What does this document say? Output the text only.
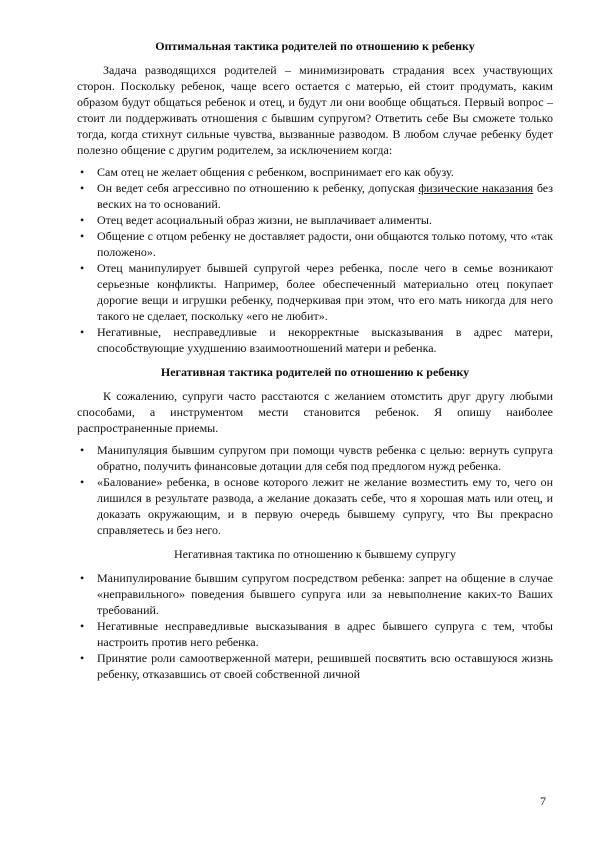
Оптимальная тактика родителей по отношению к ребенку

Задача разводящихся родителей – минимизировать страдания всех участвующих сторон. Поскольку ребенок, чаще всего остается с матерью, ей стоит продумать, каким образом будут общаться ребенок и отец, и будут ли они вообще общаться. Первый вопрос – стоит ли поддерживать отношения с бывшим супругом? Ответить себе Вы сможете только тогда, когда стихнут сильные чувства, вызванные разводом. В любом случае ребенку будет полезно общение с другим родителем, за исключением когда:

• Сам отец не желает общения с ребенком, воспринимает его как обузу.
• Он ведет себя агрессивно по отношению к ребенку, допуская физические наказания без веских на то оснований.
• Отец ведет асоциальный образ жизни, не выплачивает алименты.
• Общение с отцом ребенку не доставляет радости, они общаются только потому, что «так положено».
• Отец манипулирует бывшей супругой через ребенка, после чего в семье возникают серьезные конфликты. Например, более обеспеченный материально отец покупает дорогие вещи и игрушки ребенку, подчеркивая при этом, что его мать никогда для него такого не сделает, поскольку «его не любит».
• Негативные, несправедливые и некорректные высказывания в адрес матери, способствующие ухудшению взаимоотношений матери и ребенка.
Негативная тактика родителей по отношению к ребенку

К сожалению, супруги часто расстаются с желанием отомстить друг другу любыми способами, а инструментом мести становится ребенок. Я опишу наиболее распространенные приемы.

• Манипуляция бывшим супругом при помощи чувств ребенка с целью: вернуть супруга обратно, получить финансовые дотации для себя под предлогом нужд ребенка.
• «Балование» ребенка, в основе которого лежит не желание возместить ему то, чего он лишился в результате развода, а желание доказать себе, что я хорошая мать или отец, и доказать окружающим, и в первую очередь бывшему супругу, что Вы прекрасно справляетесь и без него.
Негативная тактика по отношению к бывшему супругу
• Манипулирование бывшим супругом посредством ребенка: запрет на общение в случае «неправильного» поведения бывшего супруга или за невыполнение каких-то Ваших требований.
• Негативные несправедливые высказывания в адрес бывшего супруга с тем, чтобы настроить против него ребенка.
• Принятие роли самоотверженной матери, решившей посвятить всю оставшуюся жизнь ребенку, отказавшись от своей собственной личной
7
